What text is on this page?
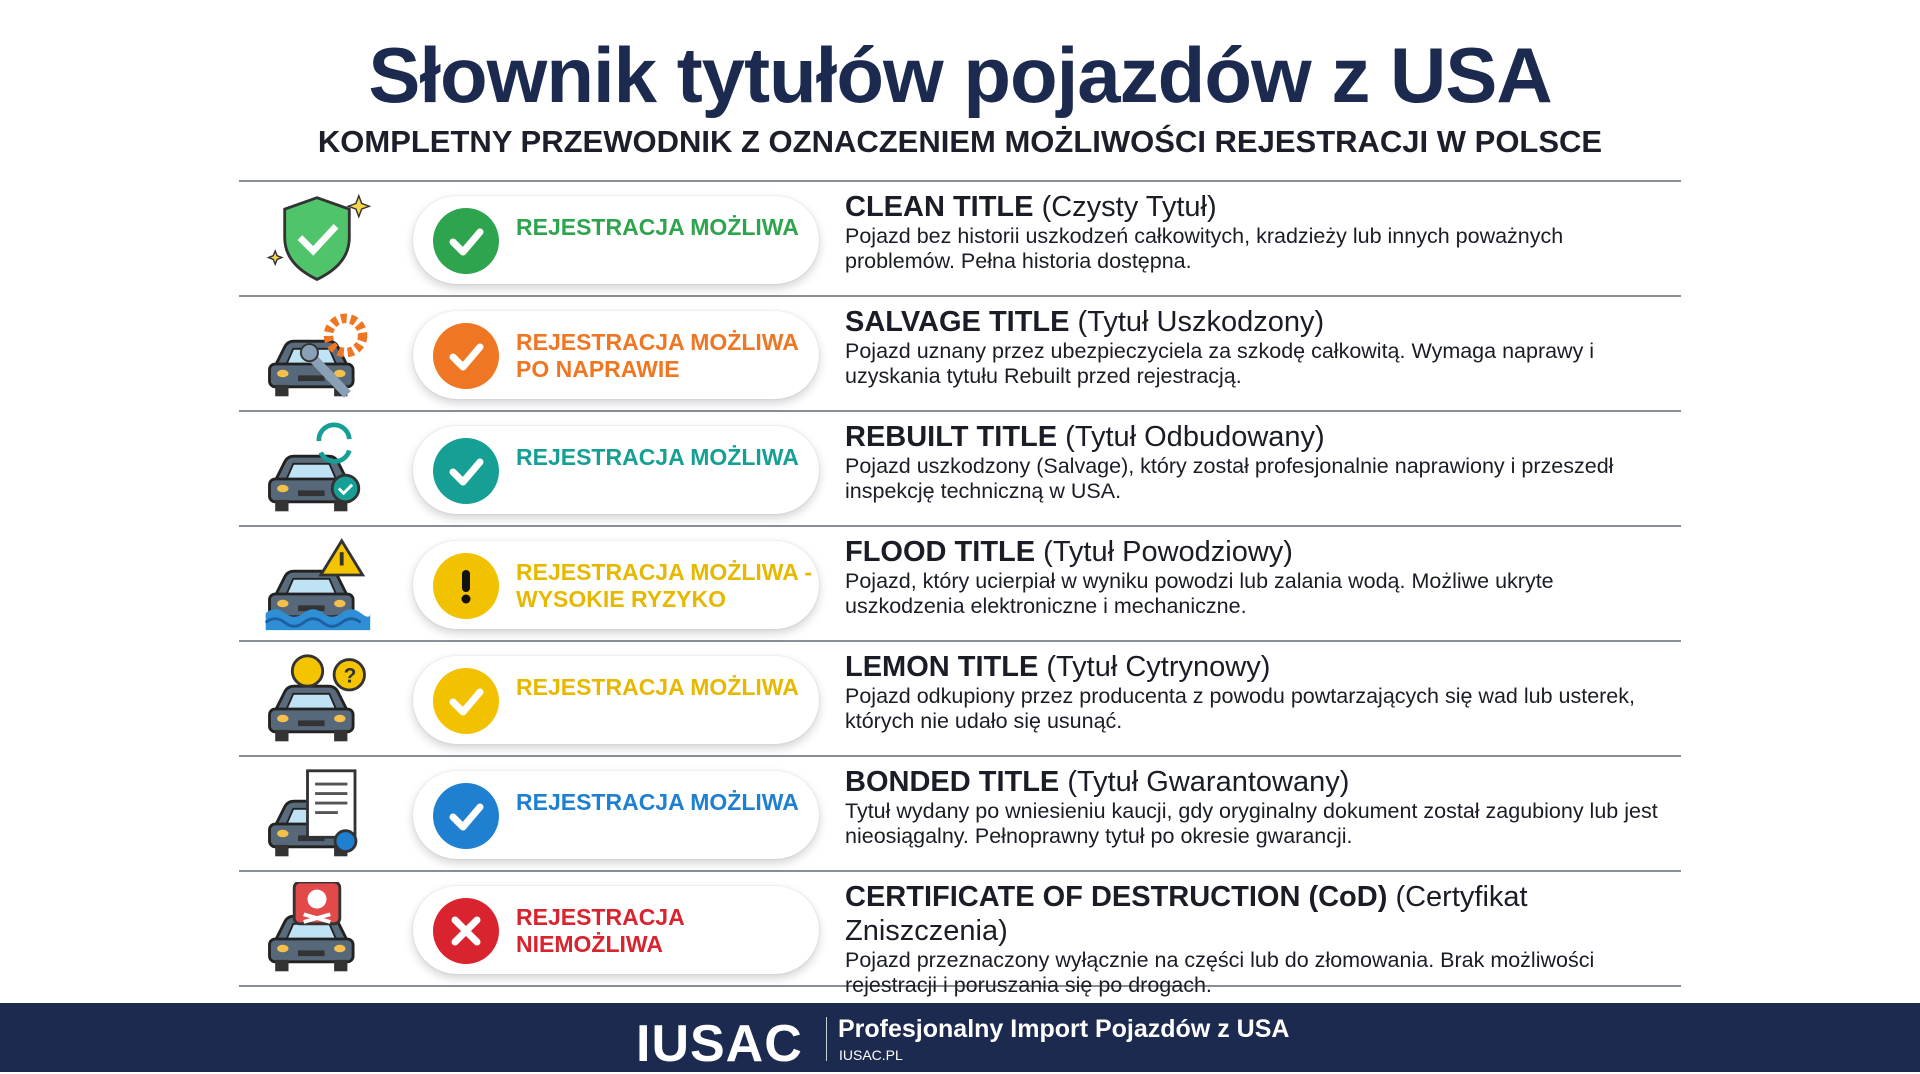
Słownik tytułów pojazdów z USA
KOMPLETNY PRZEWODNIK Z OZNACZENIEM MOŻLIWOŚCI REJESTRACJI W POLSCE
REJESTRACJA MOŻLIWA
CLEAN TITLE (Czysty Tytuł)

Pojazd bez historii uszkodzeń całkowitych, kradzieży lub innych poważnych problemów. Pełna historia dostępna.

REJESTRACJA MOŻLIWA PO NAPRAWIE
SALVAGE TITLE (Tytuł Uszkodzony)

Pojazd uznany przez ubezpieczyciela za szkodę całkowitą. Wymaga naprawy i uzyskania tytułu Rebuilt przed rejestracją.

REJESTRACJA MOŻLIWA
REBUILT TITLE (Tytuł Odbudowany)

Pojazd uszkodzony (Salvage), który został profesjonalnie naprawiony i przeszedł inspekcję techniczną w USA.

REJESTRACJA MOŻLIWA - WYSOKIE RYZYKO
FLOOD TITLE (Tytuł Powodziowy)

Pojazd, który ucierpiał w wyniku powodzi lub zalania wodą. Możliwe ukryte uszkodzenia elektroniczne i mechaniczne.

?	REJESTRACJA MOŻLIWA
LEMON TITLE (Tytuł Cytrynowy)

Pojazd odkupiony przez producenta z powodu powtarzających się wad lub usterek, których nie udało się usunąć.

REJESTRACJA MOŻLIWA
BONDED TITLE (Tytuł Gwarantowany)

Tytuł wydany po wniesieniu kaucji, gdy oryginalny dokument został zagubiony lub jest nieosiągalny. Pełnoprawny tytuł po okresie gwarancji.

REJESTRACJA NIEMOŻLIWA
CERTIFICATE OF DESTRUCTION (CoD) (Certyfikat Zniszczenia)

Pojazd przeznaczony wyłącznie na części lub do złomowania. Brak możliwości rejestracji i poruszania się po drogach.

IUSAC Profesjonalny Import Pojazdów z USA
IUSAC.PL
